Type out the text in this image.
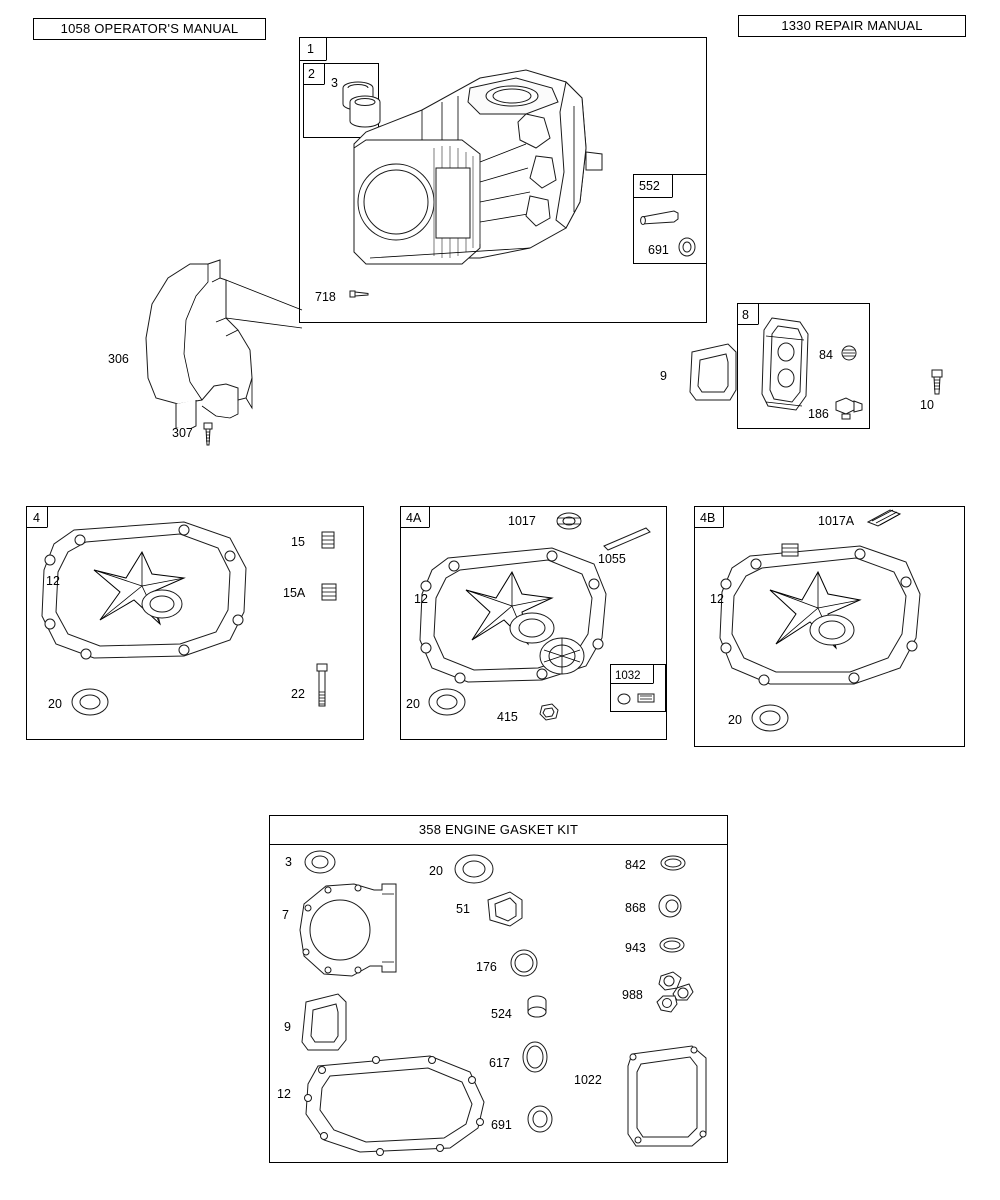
1058 OPERATOR'S MANUAL	1330 REPAIR MANUAL
1
2
3
718
552
691
306
307
9
8
84
186
10
4
12
20
15
15A
22
4A	1017
1055
12
20
415
1032
4B	1017A
12
20
358 ENGINE GASKET KIT
3
7
9
12
20
51
176
524
617
691
842
868
943
988
1022
